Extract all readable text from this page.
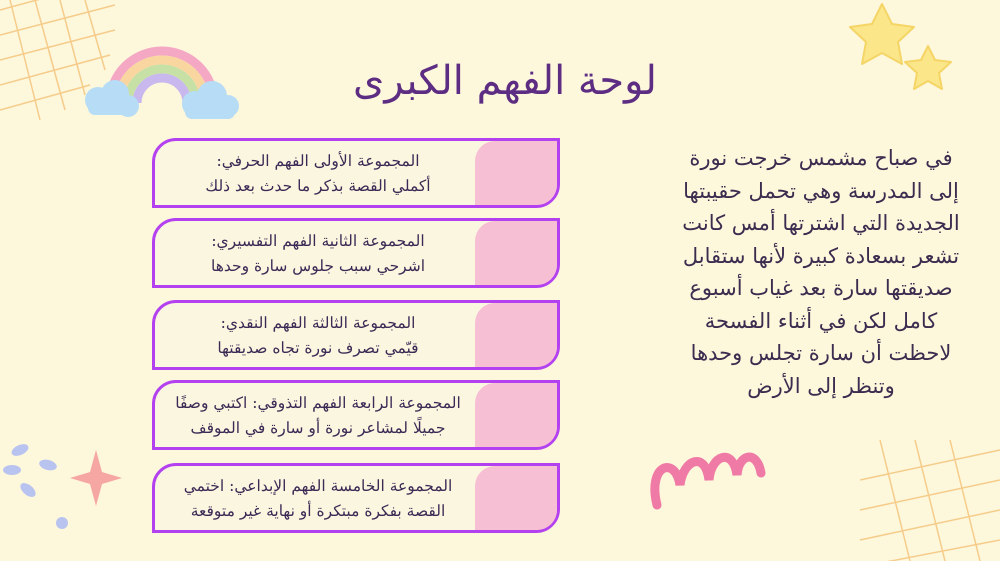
لوحة الفهم الكبرى
المجموعة الأولى الفهم الحرفي:
أكملي القصة بذكر ما حدث بعد ذلك
المجموعة الثانية الفهم التفسيري:
اشرحي سبب جلوس سارة وحدها
المجموعة الثالثة الفهم النقدي:
قيّمي تصرف نورة تجاه صديقتها
المجموعة الرابعة الفهم التذوقي: اكتبي وصفًا
جميلًا لمشاعر نورة أو سارة في الموقف
المجموعة الخامسة الفهم الإبداعي: اختمي
القصة بفكرة مبتكرة أو نهاية غير متوقعة
في صباح مشمس خرجت نورة إلى المدرسة وهي تحمل حقيبتها الجديدة التي اشترتها أمس كانت تشعر بسعادة كبيرة لأنها ستقابل صديقتها سارة بعد غياب أسبوع كامل لكن في أثناء الفسحة لاحظت أن سارة تجلس وحدها وتنظر إلى الأرض
